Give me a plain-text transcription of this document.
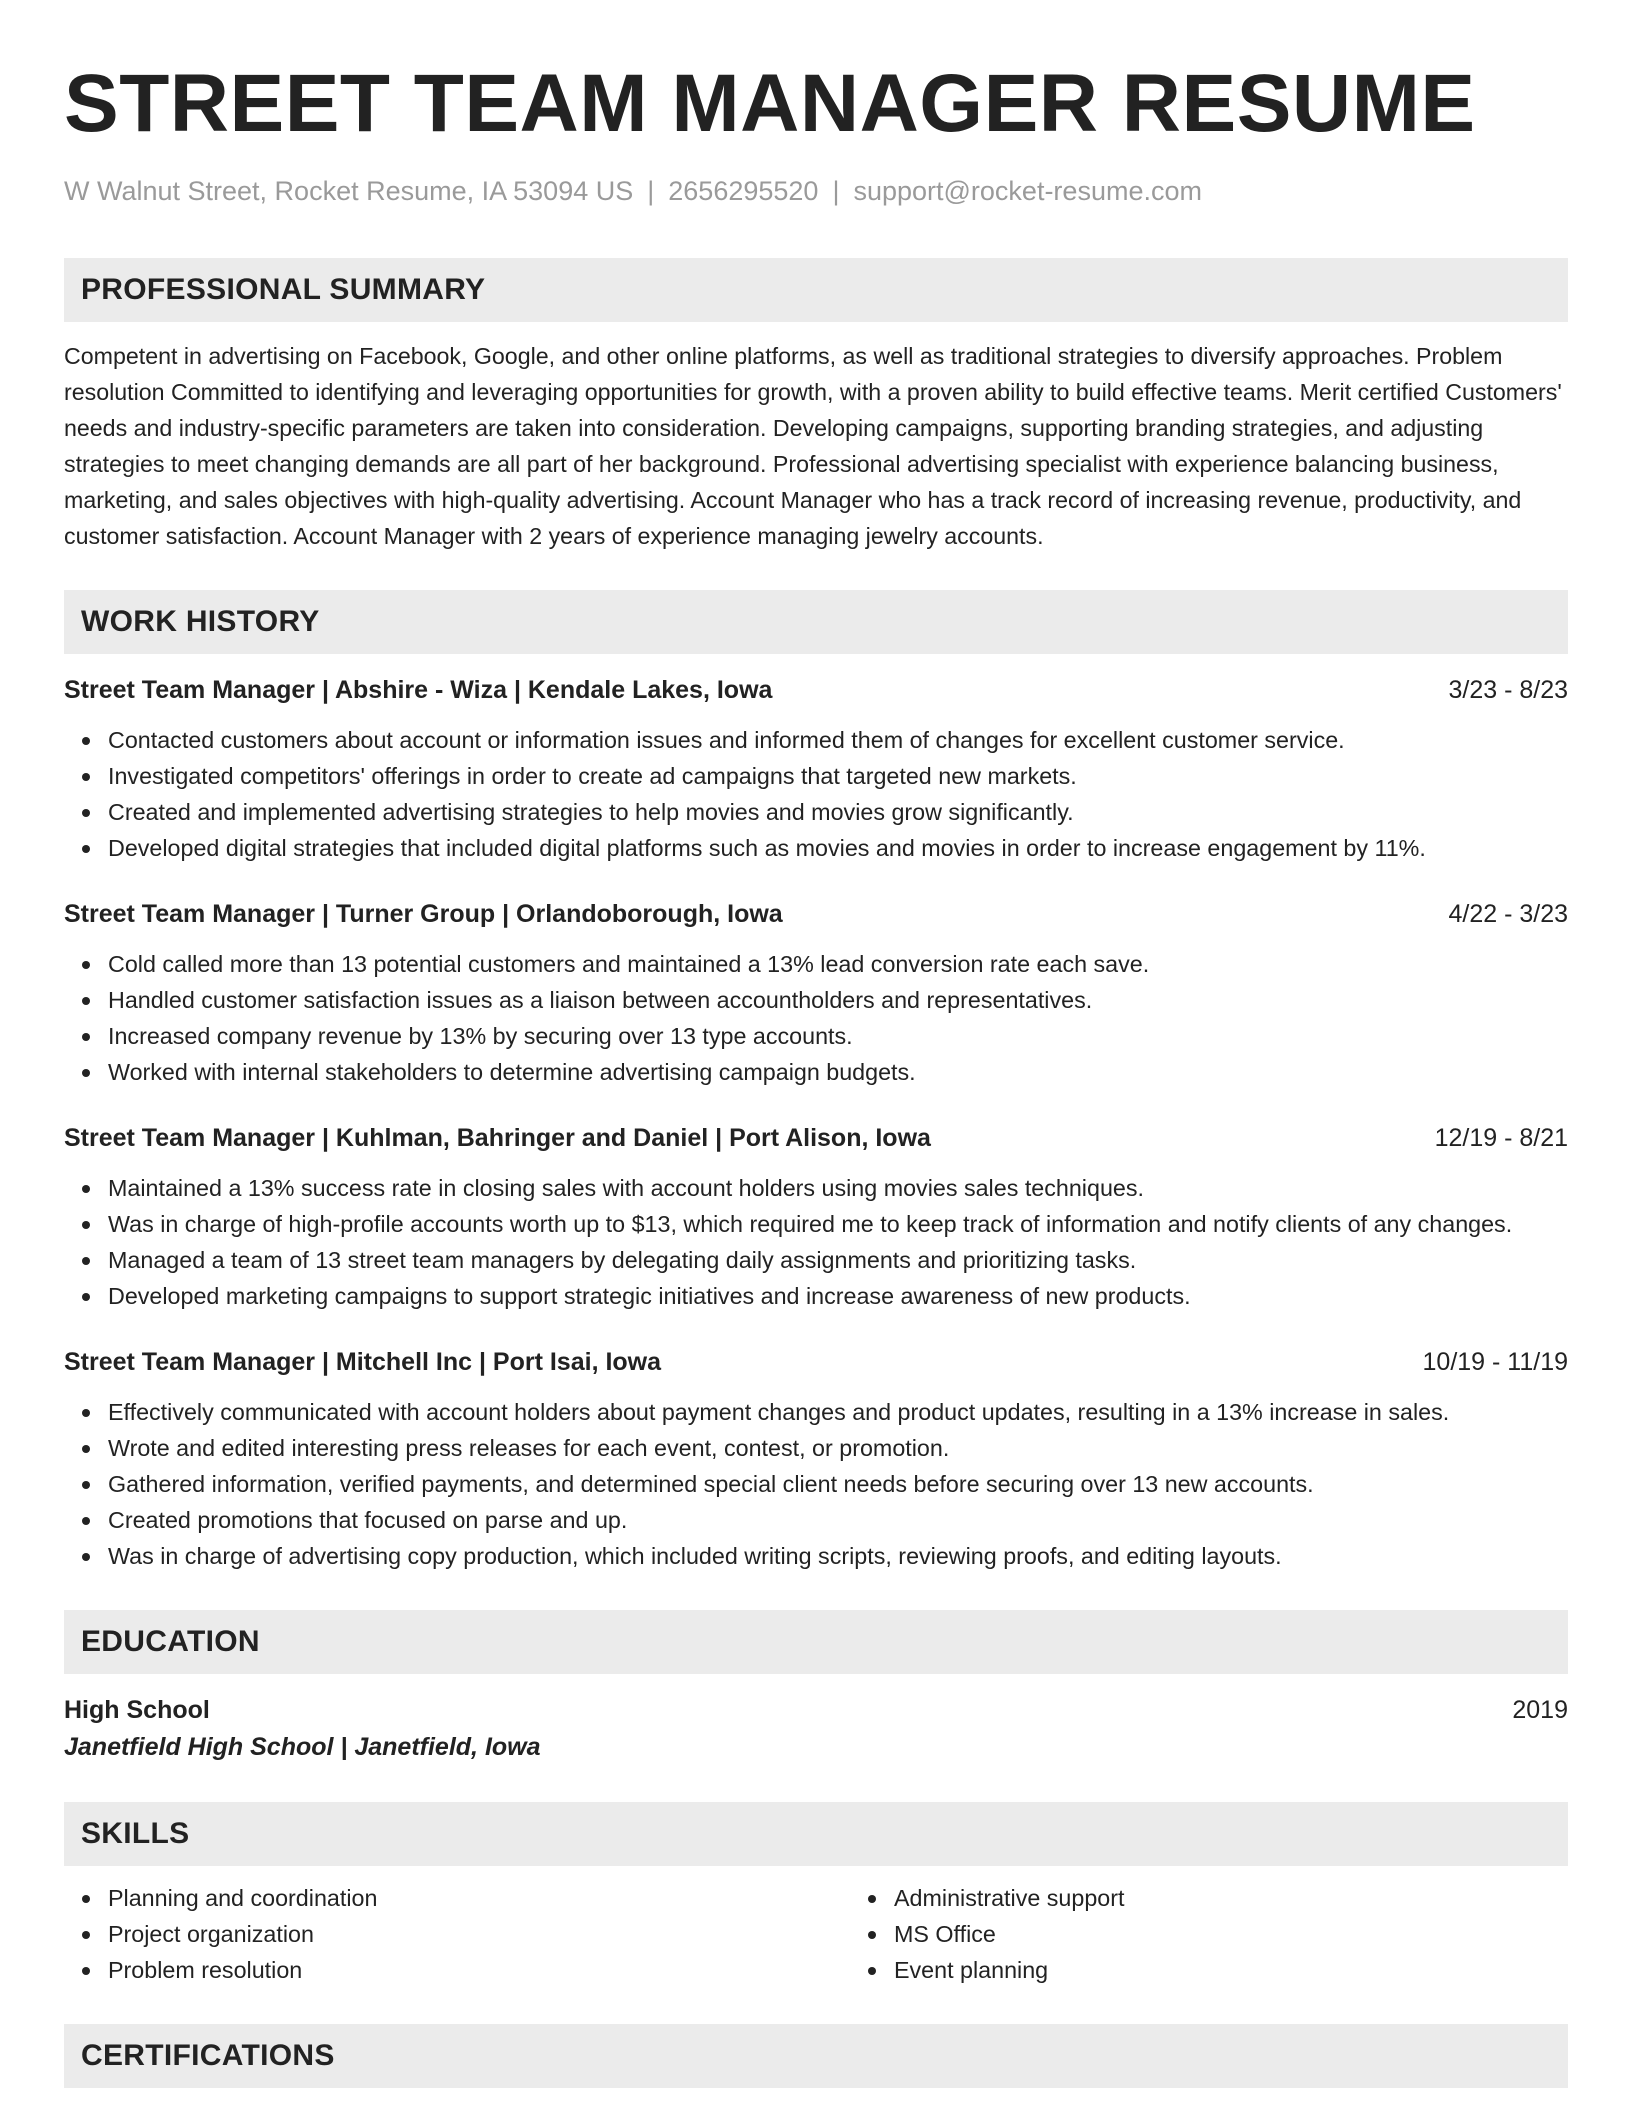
STREET TEAM MANAGER RESUME
W Walnut Street, Rocket Resume, IA 53094 US | 2656295520 | support@rocket-resume.com
PROFESSIONAL SUMMARY
Competent in advertising on Facebook, Google, and other online platforms, as well as traditional strategies to diversify approaches. Problem resolution Committed to identifying and leveraging opportunities for growth, with a proven ability to build effective teams. Merit certified Customers' needs and industry-specific parameters are taken into consideration. Developing campaigns, supporting branding strategies, and adjusting strategies to meet changing demands are all part of her background. Professional advertising specialist with experience balancing business, marketing, and sales objectives with high-quality advertising. Account Manager who has a track record of increasing revenue, productivity, and customer satisfaction. Account Manager with 2 years of experience managing jewelry accounts.
WORK HISTORY
Street Team Manager | Abshire - Wiza | Kendale Lakes, Iowa	3/23 - 8/23
Contacted customers about account or information issues and informed them of changes for excellent customer service.
Investigated competitors' offerings in order to create ad campaigns that targeted new markets.
Created and implemented advertising strategies to help movies and movies grow significantly.
Developed digital strategies that included digital platforms such as movies and movies in order to increase engagement by 11%.
Street Team Manager | Turner Group | Orlandoborough, Iowa	4/22 - 3/23
Cold called more than 13 potential customers and maintained a 13% lead conversion rate each save.
Handled customer satisfaction issues as a liaison between accountholders and representatives.
Increased company revenue by 13% by securing over 13 type accounts.
Worked with internal stakeholders to determine advertising campaign budgets.
Street Team Manager | Kuhlman, Bahringer and Daniel | Port Alison, Iowa	12/19 - 8/21
Maintained a 13% success rate in closing sales with account holders using movies sales techniques.
Was in charge of high-profile accounts worth up to $13, which required me to keep track of information and notify clients of any changes.
Managed a team of 13 street team managers by delegating daily assignments and prioritizing tasks.
Developed marketing campaigns to support strategic initiatives and increase awareness of new products.
Street Team Manager | Mitchell Inc | Port Isai, Iowa	10/19 - 11/19
Effectively communicated with account holders about payment changes and product updates, resulting in a 13% increase in sales.
Wrote and edited interesting press releases for each event, contest, or promotion.
Gathered information, verified payments, and determined special client needs before securing over 13 new accounts.
Created promotions that focused on parse and up.
Was in charge of advertising copy production, which included writing scripts, reviewing proofs, and editing layouts.
EDUCATION
High School	2019
Janetfield High School | Janetfield, Iowa
SKILLS
Planning and coordination
Project organization
Problem resolution
Administrative support
MS Office
Event planning
CERTIFICATIONS
